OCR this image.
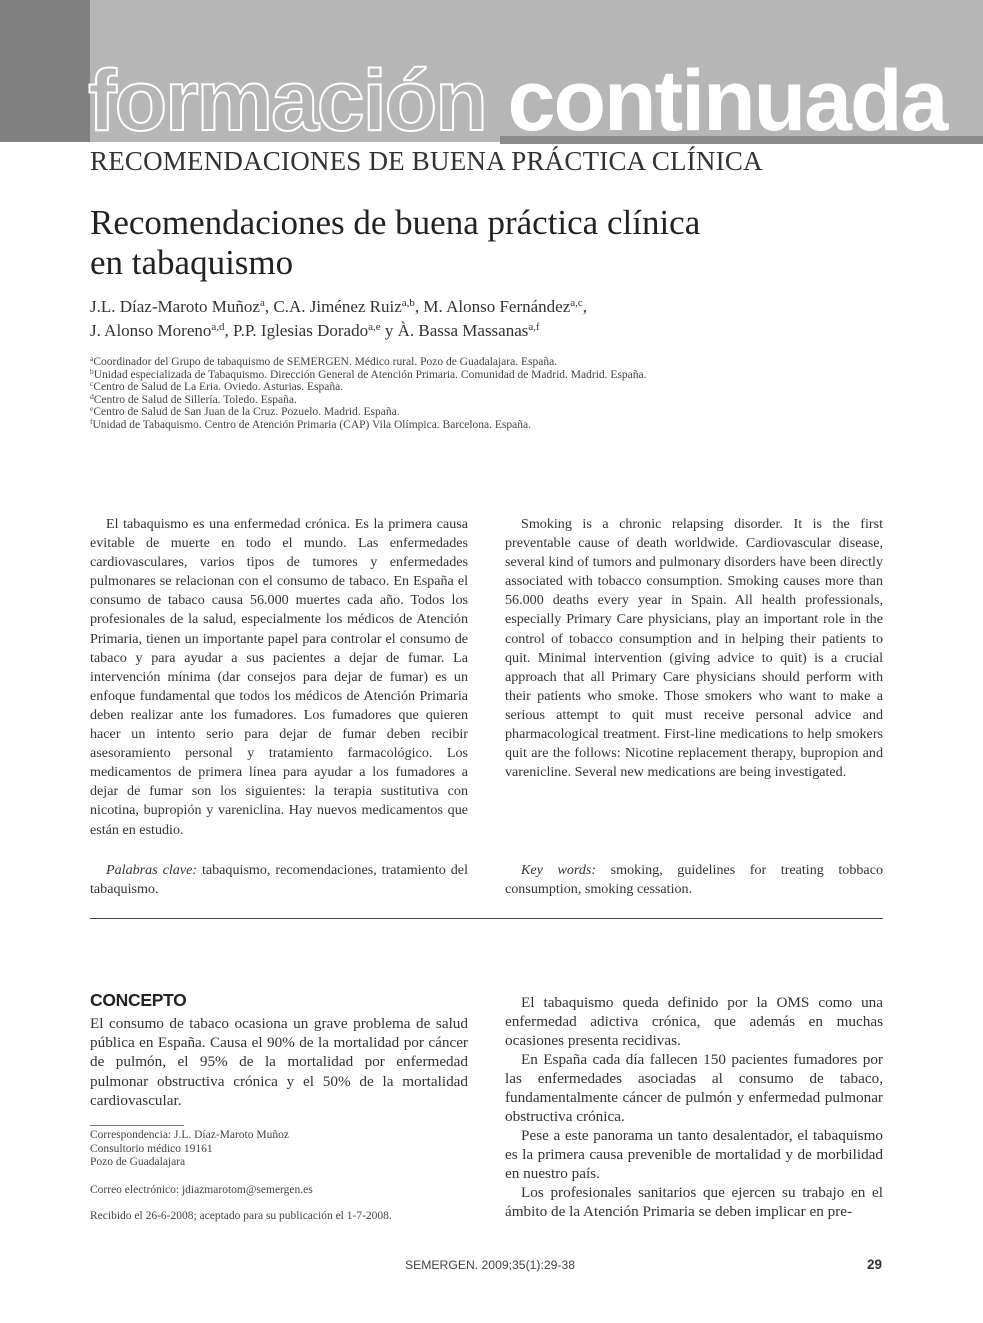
formación continuada
RECOMENDACIONES DE BUENA PRÁCTICA CLÍNICA
Recomendaciones de buena práctica clínica
en tabaquismo

J.L. Díaz-Maroto Muñoz$^a$, C.A. Jiménez Ruiz$^{a,b}$, M. Alonso Fernández$^{a,c}$,
J. Alonso Moreno$^{a,d}$, P.P. Iglesias Dorado$^{a,e}$ y À. Bassa Massanas$^{a,f}$

$^a$Coordinador del Grupo de tabaquismo de SEMERGEN. Médico rural. Pozo de Guadalajara. España.
$^b$Unidad especializada de Tabaquismo. Dirección General de Atención Primaria. Comunidad de Madrid. Madrid. España.
$^c$Centro de Salud de La Eria. Oviedo. Asturias. España.
$^d$Centro de Salud de Sillería. Toledo. España.
$^e$Centro de Salud de San Juan de la Cruz. Pozuelo. Madrid. España.
$^f$Unidad de Tabaquismo. Centro de Atención Primaria (CAP) Vila Olímpica. Barcelona. España.

El tabaquismo es una enfermedad crónica. Es la primera causa evitable de muerte en todo el mundo. Las enfermedades cardiovasculares, varios tipos de tumores y enfermedades pulmonares se relacionan con el consumo de tabaco. En España el consumo de tabaco causa 56.000 muertes cada año. Todos los profesionales de la salud, especialmente los médicos de Atención Primaria, tienen un importante papel para controlar el consumo de tabaco y para ayudar a sus pacientes a dejar de fumar. La intervención mínima (dar consejos para dejar de fumar) es un enfoque fundamental que todos los médicos de Atención Primaria deben realizar ante los fumadores. Los fumadores que quieren hacer un intento serio para dejar de fumar deben recibir asesoramiento personal y tratamiento farmacológico. Los medicamentos de primera línea para ayudar a los fumadores a dejar de fumar son los siguientes: la terapia sustitutiva con nicotina, bupropión y vareniclina. Hay nuevos medicamentos que están en estudio.

Smoking is a chronic relapsing disorder. It is the first preventable cause of death worldwide. Cardiovascular disease, several kind of tumors and pulmonary disorders have been directly associated with tobacco consumption. Smoking causes more than 56.000 deaths every year in Spain. All health professionals, especially Primary Care physicians, play an important role in the control of tobacco consumption and in helping their patients to quit. Minimal intervention (giving advice to quit) is a crucial approach that all Primary Care physicians should perform with their patients who smoke. Those smokers who want to make a serious attempt to quit must receive personal advice and pharmacological treatment. First-line medications to help smokers quit are the follows: Nicotine replacement therapy, bupropion and varenicline. Several new medications are being investigated.

Palabras clave: tabaquismo, recomendaciones, tratamiento del tabaquismo.

Key words: smoking, guidelines for treating tobbaco consumption, smoking cessation.

CONCEPTO

El consumo de tabaco ocasiona un grave problema de salud pública en España. Causa el 90% de la mortalidad por cáncer de pulmón, el 95% de la mortalidad por enfermedad pulmonar obstructiva crónica y el 50% de la mortalidad cardiovascular.

Correspondencia: J.L. Díaz-Maroto Muñoz
Consultorio médico 19161
Pozo de Guadalajara

Correo electrónico: jdiazmarotom@semergen.es

Recibido el 26-6-2008; aceptado para su publicación el 1-7-2008.

El tabaquismo queda definido por la OMS como una enfermedad adictiva crónica, que además en muchas ocasiones presenta recidivas.

En España cada día fallecen 150 pacientes fumadores por las enfermedades asociadas al consumo de tabaco, fundamentalmente cáncer de pulmón y enfermedad pulmonar obstructiva crónica.

Pese a este panorama un tanto desalentador, el tabaquismo es la primera causa prevenible de mortalidad y de morbilidad en nuestro país.

Los profesionales sanitarios que ejercen su trabajo en el ámbito de la Atención Primaria se deben implicar en pre-

SEMERGEN. 2009;35(1):29-38	29
